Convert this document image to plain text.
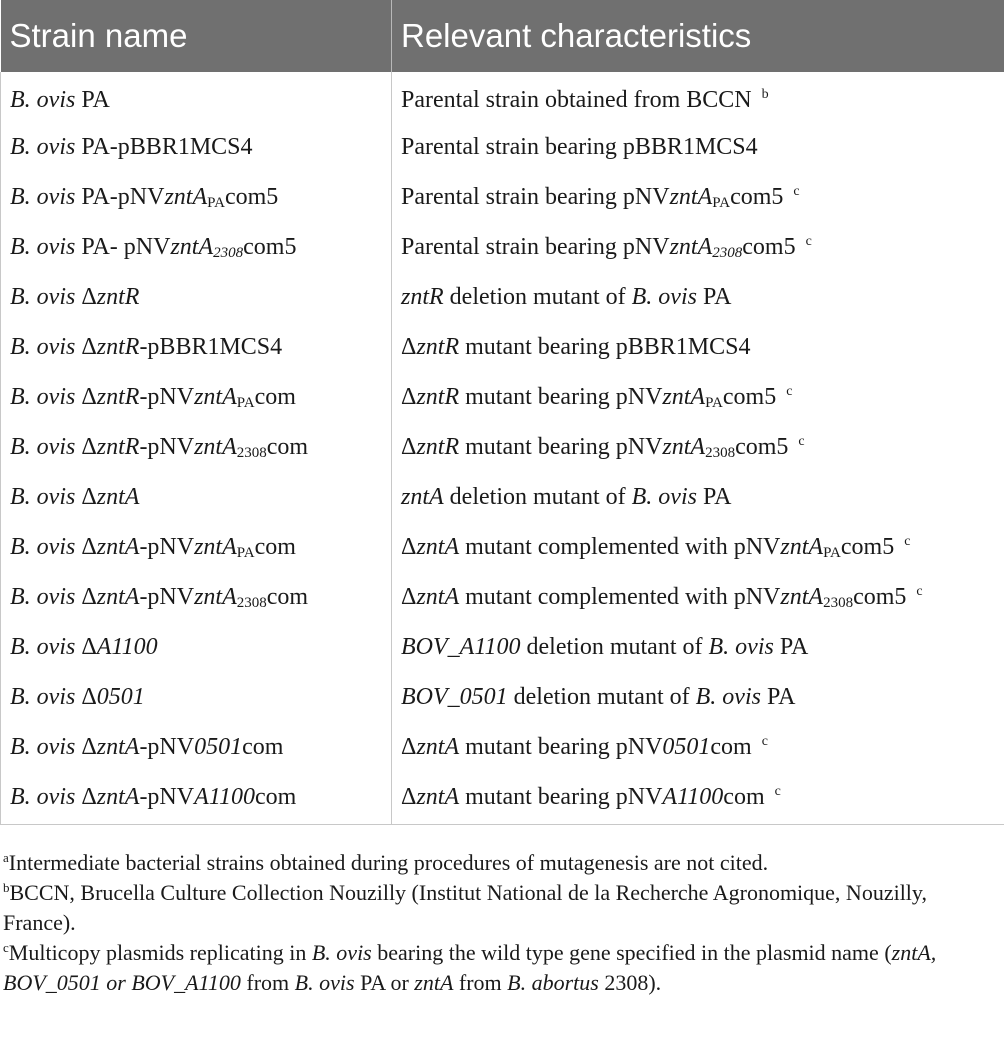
Strain name	Relevant characteristics
B. ovis PA	Parental strain obtained from BCCN $^b$
B. ovis PA-pBBR1MCS4	Parental strain bearing pBBR1MCS4
B. ovis PA-pNVzntA$_{PA}$com5	Parental strain bearing pNVzntA$_{PA}$com5 $^c$
B. ovis PA- pNVzntA$_{2308}$com5	Parental strain bearing pNVzntA$_{2308}$com5 $^c$
B. ovis ΔzntR	zntR deletion mutant of B. ovis PA
B. ovis ΔzntR-pBBR1MCS4	ΔzntR mutant bearing pBBR1MCS4
B. ovis ΔzntR-pNVzntA$_{PA}$com	ΔzntR mutant bearing pNVzntA$_{PA}$com5 $^c$
B. ovis ΔzntR-pNVzntA$_{2308}$com	ΔzntR mutant bearing pNVzntA$_{2308}$com5 $^c$
B. ovis ΔzntA	zntA deletion mutant of B. ovis PA
B. ovis ΔzntA-pNVzntA$_{PA}$com	ΔzntA mutant complemented with pNVzntA$_{PA}$com5 $^c$
B. ovis ΔzntA-pNVzntA$_{2308}$com	ΔzntA mutant complemented with pNVzntA$_{2308}$com5 $^c$
B. ovis ΔA1100	BOV_A1100 deletion mutant of B. ovis PA
B. ovis Δ0501	BOV_0501 deletion mutant of B. ovis PA
B. ovis ΔzntA-pNV0501com	ΔzntA mutant bearing pNV0501com $^c$
B. ovis ΔzntA-pNVA1100com	ΔzntA mutant bearing pNVA1100com $^c$

$^a$Intermediate bacterial strains obtained during procedures of mutagenesis are not cited.

$^b$BCCN, Brucella Culture Collection Nouzilly (Institut National de la Recherche Agronomique, Nouzilly, France).

$^c$Multicopy plasmids replicating in B. ovis bearing the wild type gene specified in the plasmid name (zntA, BOV_0501 or BOV_A1100 from B. ovis PA or zntA from B. abortus 2308).
